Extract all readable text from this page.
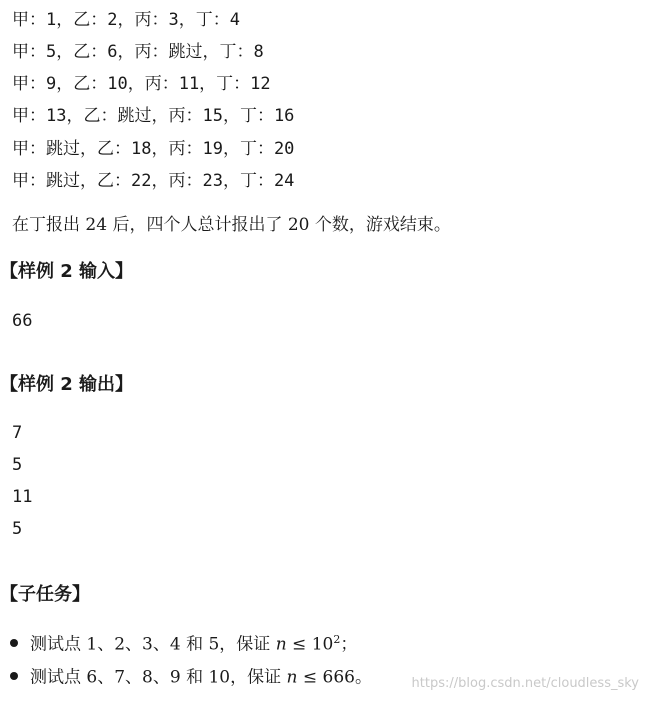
甲：1，乙：2，丙：3，丁：4
甲：5，乙：6，丙：跳过，丁：8
甲：9，乙：10，丙：11，丁：12
甲：13，乙：跳过，丙：15，丁：16
甲：跳过，乙：18，丙：19，丁：20
甲：跳过，乙：22，丙：23，丁：24
在丁报出 24 后，四个人总计报出了 20 个数，游戏结束。
【样例 2 输入】
66
【样例 2 输出】
7
5
11
5
【子任务】
测试点 1、2、3、4 和 5，保证 $n \le 10^2$；
测试点 6、7、8、9 和 10，保证 n ≤ 666。	https://blog.csdn.net/cloudless_sky
